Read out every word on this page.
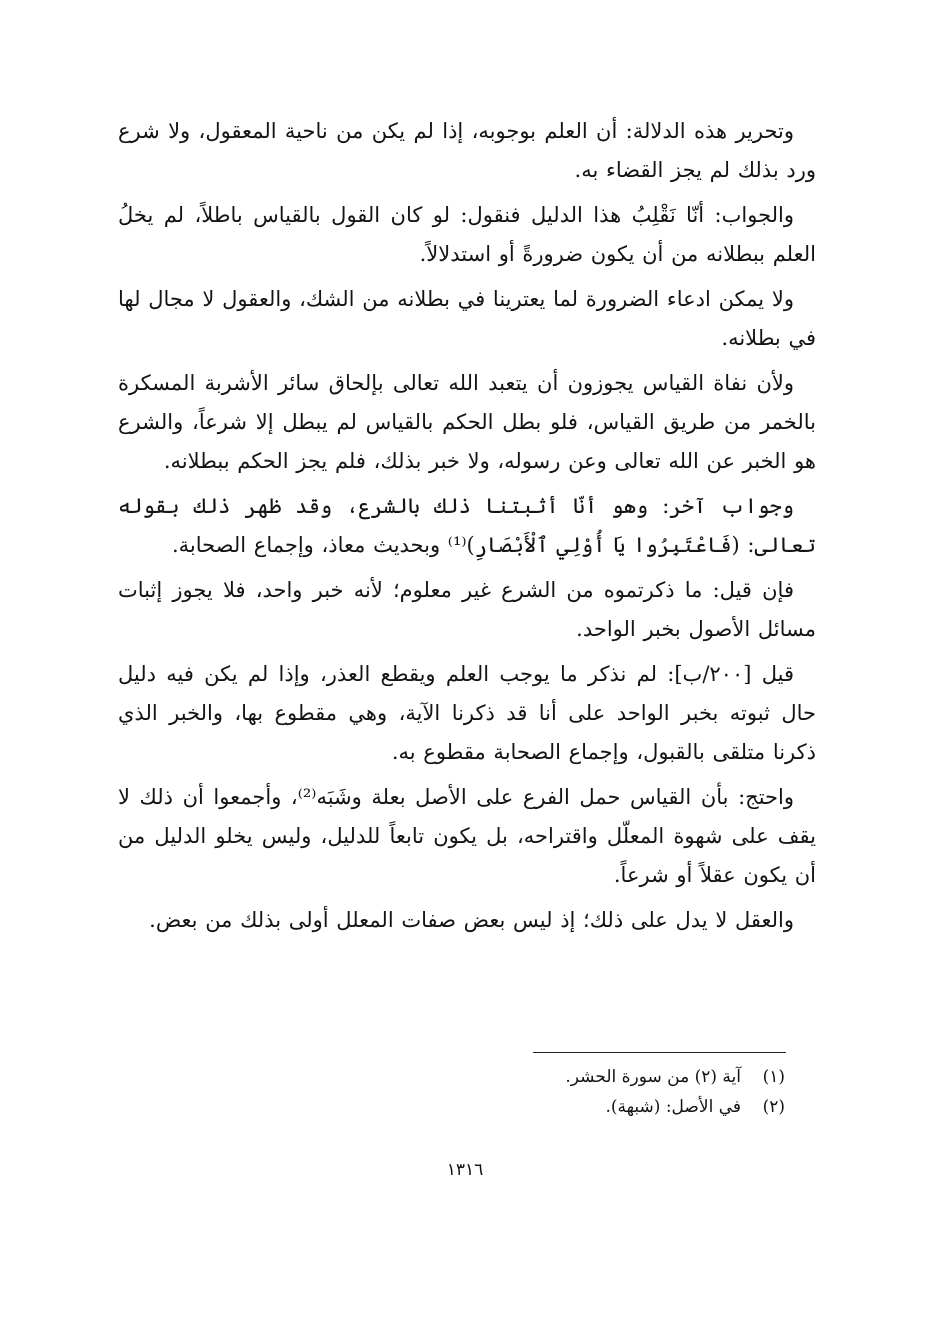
وتحرير هذه الدلالة: أن العلم بوجوبه، إذا لم يكن من ناحية المعقول، ولا شرع ورد بذلك لم يجز القضاء به.

والجواب: أنّا نَقْلِبُ هذا الدليل فنقول: لو كان القول بالقياس باطلاً، لم يخلُ العلم ببطلانه من أن يكون ضرورةً أو استدلالاً.

ولا يمكن ادعاء الضرورة لما يعترينا في بطلانه من الشك، والعقول لا مجال لها في بطلانه.

ولأن نفاة القياس يجوزون أن يتعبد الله تعالى بإلحاق سائر الأشربة المسكرة بالخمر من طريق القياس، فلو بطل الحكم بالقياس لم يبطل إلا شرعاً، والشرع هو الخبر عن الله تعالى وعن رسوله، ولا خبر بذلك، فلم يجز الحكم ببطلانه.

وجواب آخر: وهو أنّا أثبتنا ذلك بالشرع، وقد ظهر ذلك بقوله تعالى: (فَاعْتَبِرُوا يَا أُوْلِي ٱلْأَبْصَارِ)⁽¹⁾ وبحديث معاذ، وإجماع الصحابة.

فإن قيل: ما ذكرتموه من الشرع غير معلوم؛ لأنه خبر واحد، فلا يجوز إثبات مسائل الأصول بخبر الواحد.

قيل [٢٠٠/ب]: لم نذكر ما يوجب العلم ويقطع العذر، وإذا لم يكن فيه دليل حال ثبوته بخبر الواحد على أنا قد ذكرنا الآية، وهي مقطوع بها، والخبر الذي ذكرنا متلقى بالقبول، وإجماع الصحابة مقطوع به.

واحتج: بأن القياس حمل الفرع على الأصل بعلة وشَبَه⁽²⁾، وأجمعوا أن ذلك لا يقف على شهوة المعلّل واقتراحه، بل يكون تابعاً للدليل، وليس يخلو الدليل من أن يكون عقلاً أو شرعاً.

والعقل لا يدل على ذلك؛ إذ ليس بعض صفات المعلل أولى بذلك من بعض.

(١)آية (٢) من سورة الحشر.

(٢)في الأصل: (شبهة).

١٣١٦
